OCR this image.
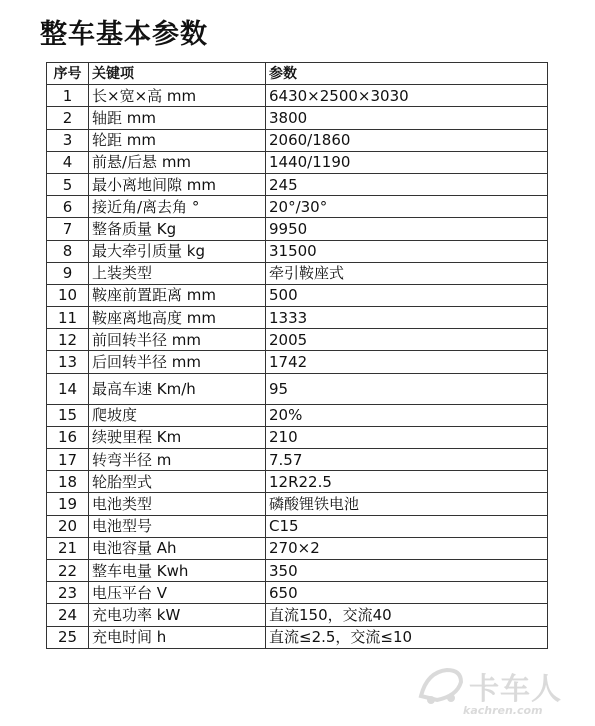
整车基本参数
序号	关键项	参数
1	长×宽×高 mm	6430×2500×3030
2	轴距 mm	3800
3	轮距 mm	2060/1860
4	前悬/后悬 mm	1440/1190
5	最小离地间隙 mm	245
6	接近角/离去角 °	20°/30°
7	整备质量 Kg	9950
8	最大牵引质量 kg	31500
9	上装类型	牵引鞍座式
10	鞍座前置距离 mm	500
11	鞍座离地高度 mm	1333
12	前回转半径 mm	2005
13	后回转半径 mm	1742
14	最高车速 Km/h	95
15	爬坡度	20%
16	续驶里程 Km	210
17	转弯半径 m	7.57
18	轮胎型式	12R22.5
19	电池类型	磷酸锂铁电池
20	电池型号	C15
21	电池容量 Ah	270×2
22	整车电量 Kwh	350
23	电压平台 V	650
24	充电功率 kW	直流150，交流40
25	充电时间 h	直流≤2.5，交流≤10
卡车人
kachren.com
